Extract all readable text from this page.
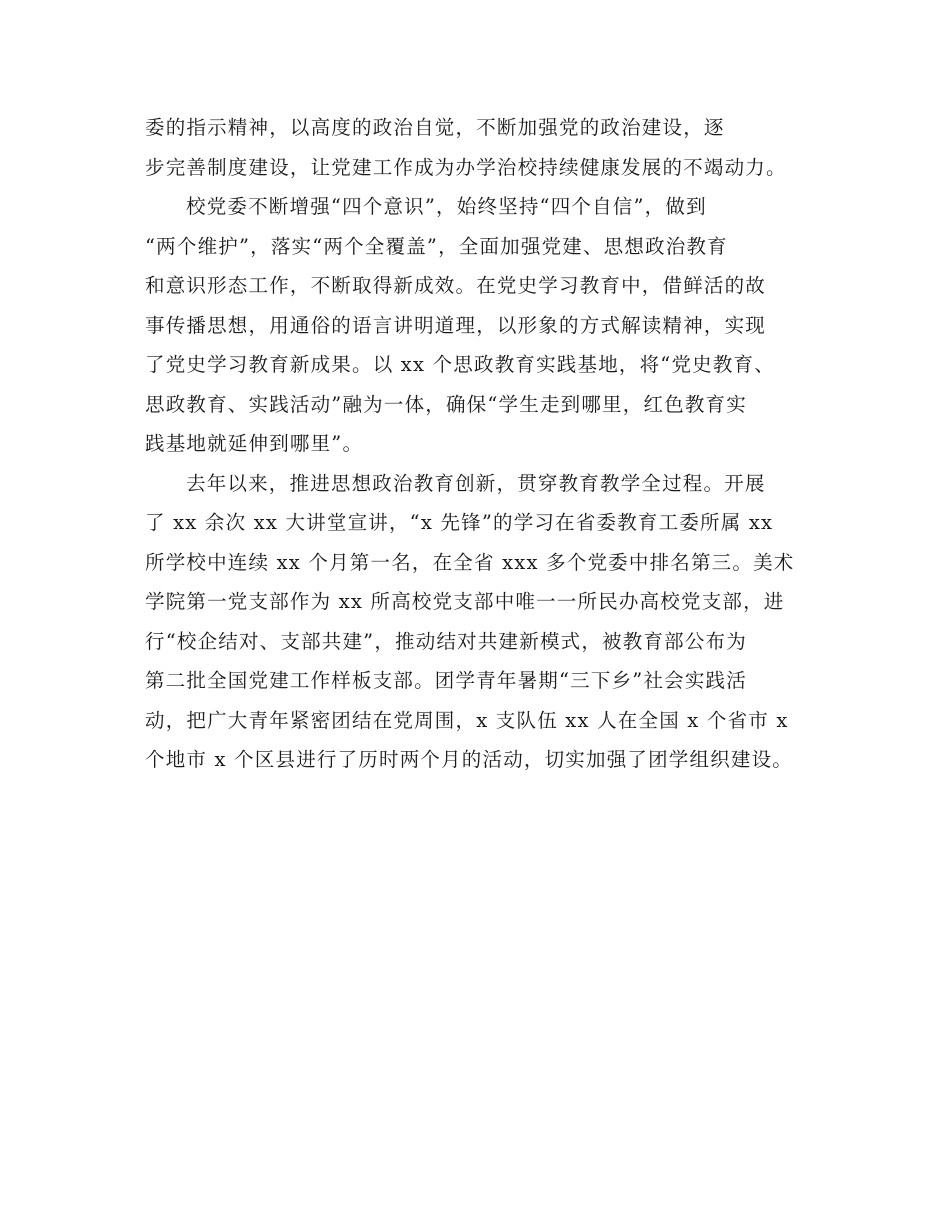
委的指示精神，以高度的政治自觉，不断加强党的政治建设，逐
步完善制度建设，让党建工作成为办学治校持续健康发展的不竭动力。
校党委不断增强“四个意识”，始终坚持“四个自信”，做到
“两个维护”，落实“两个全覆盖”，全面加强党建、思想政治教育
和意识形态工作，不断取得新成效。在党史学习教育中，借鲜活的故
事传播思想，用通俗的语言讲明道理，以形象的方式解读精神，实现
了党史学习教育新成果。以 xx 个思政教育实践基地，将“党史教育、
思政教育、实践活动”融为一体，确保“学生走到哪里，红色教育实
践基地就延伸到哪里”。
去年以来，推进思想政治教育创新，贯穿教育教学全过程。开展
了 xx 余次 xx 大讲堂宣讲，“x 先锋”的学习在省委教育工委所属 xx
所学校中连续 xx 个月第一名，在全省 xxx 多个党委中排名第三。美术
学院第一党支部作为 xx 所高校党支部中唯一一所民办高校党支部，进
行“校企结对、支部共建”，推动结对共建新模式，被教育部公布为
第二批全国党建工作样板支部。团学青年暑期“三下乡”社会实践活
动，把广大青年紧密团结在党周围，x 支队伍 xx 人在全国 x 个省市 x
个地市 x 个区县进行了历时两个月的活动，切实加强了团学组织建设。
